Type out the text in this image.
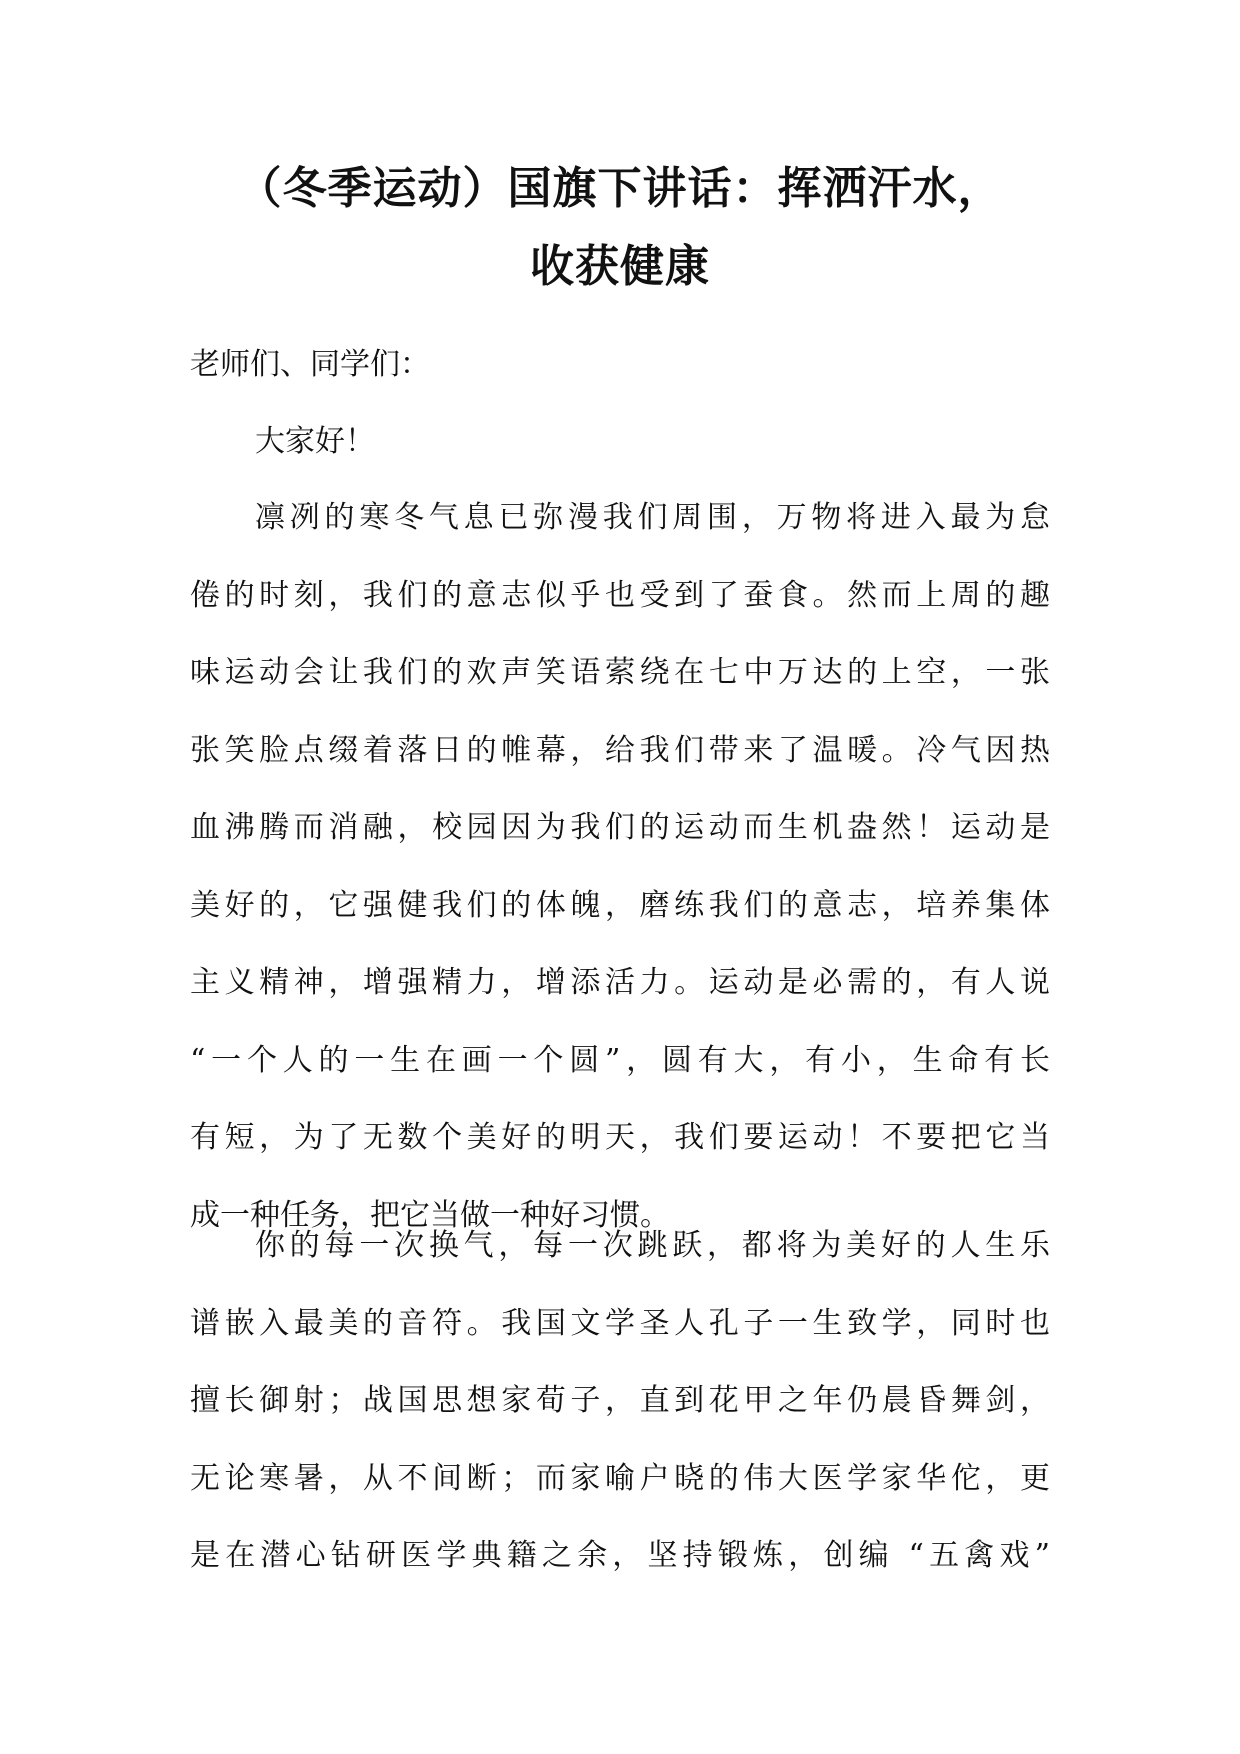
（冬季运动）国旗下讲话：挥洒汗水，
收获健康
老师们、同学们：
大家好！
凛冽的寒冬气息已弥漫我们周围，万物将进入最为怠
倦的时刻，我们的意志似乎也受到了蚕食。然而上周的趣
味运动会让我们的欢声笑语萦绕在七中万达的上空，一张
张笑脸点缀着落日的帷幕，给我们带来了温暖。冷气因热
血沸腾而消融，校园因为我们的运动而生机盎然！运动是
美好的，它强健我们的体魄，磨练我们的意志，培养集体
主义精神，增强精力，增添活力。运动是必需的，有人说
“一个人的一生在画一个圆”，圆有大，有小，生命有长
有短，为了无数个美好的明天，我们要运动！不要把它当
成一种任务，把它当做一种好习惯。
你的每一次换气，每一次跳跃，都将为美好的人生乐
谱嵌入最美的音符。我国文学圣人孔子一生致学，同时也
擅长御射；战国思想家荀子，直到花甲之年仍晨昏舞剑，
无论寒暑，从不间断；而家喻户晓的伟大医学家华佗，更
是在潜心钻研医学典籍之余，坚持锻炼，创编 “五禽戏”
